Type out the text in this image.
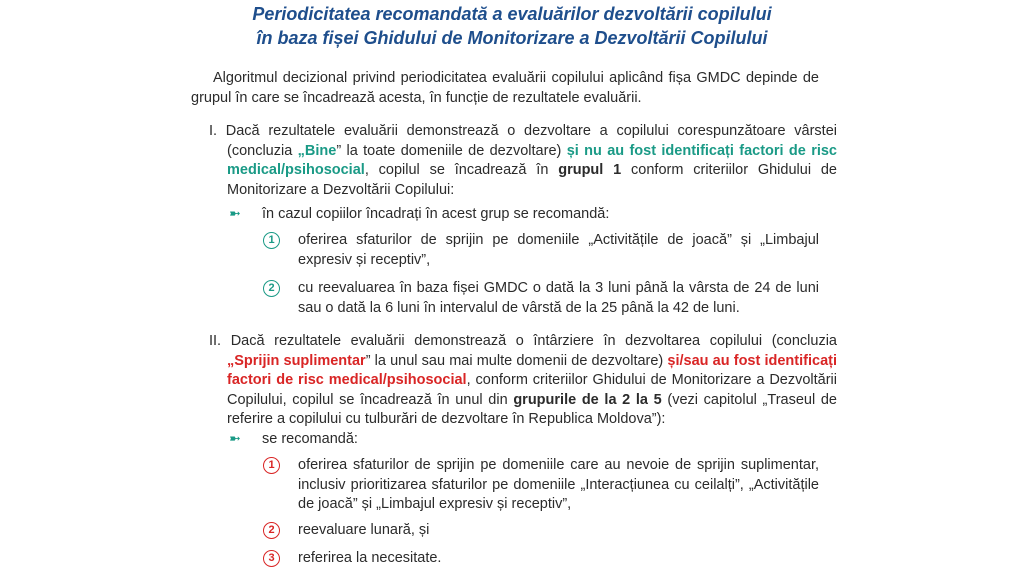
Periodicitatea recomandată a evaluărilor dezvoltării copilului
în baza fișei Ghidului de Monitorizare a Dezvoltării Copilului

Algoritmul decizional privind periodicitatea evaluării copilului aplicând fișa GMDC depinde de grupul în care se încadrează acesta, în funcție de rezultatele evaluării.

I. Dacă rezultatele evaluării demonstrează o dezvoltare a copilului corespunzătoare vârstei (concluzia „Bine” la toate domeniile de dezvoltare) și nu au fost identificați factori de risc medical/psihosocial, copilul se încadrează în grupul 1 conform criteriilor Ghidului de Monitorizare a Dezvoltării Copilului:

➼ în cazul copiilor încadrați în acest grup se recomandă:
1	oferirea sfaturilor de sprijin pe domeniile „Activitățile de joacă” și „Limbajul expresiv și receptiv”,
2	cu reevaluarea în baza fișei GMDC o dată la 3 luni până la vârsta de 24 de luni sau o dată la 6 luni în intervalul de vârstă de la 25 până la 42 de luni.

II. Dacă rezultatele evaluării demonstrează o întârziere în dezvoltarea copilului (concluzia „Sprijin suplimentar” la unul sau mai multe domenii de dezvoltare) și/sau au fost identificați factori de risc medical/psihosocial, conform criteriilor Ghidului de Monitorizare a Dezvoltării Copilului, copilul se încadrează în unul din grupurile de la 2 la 5 (vezi capitolul „Traseul de referire a copilului cu tulburări de dezvoltare în Republica Moldova”):

➼ se recomandă:
1	oferirea sfaturilor de sprijin pe domeniile care au nevoie de sprijin suplimentar, inclusiv prioritizarea sfaturilor pe domeniile „Interacțiunea cu ceilalți”, „Activitățile de joacă” și „Limbajul expresiv și receptiv”,
2	reevaluare lunară, și
3	referirea la necesitate.
